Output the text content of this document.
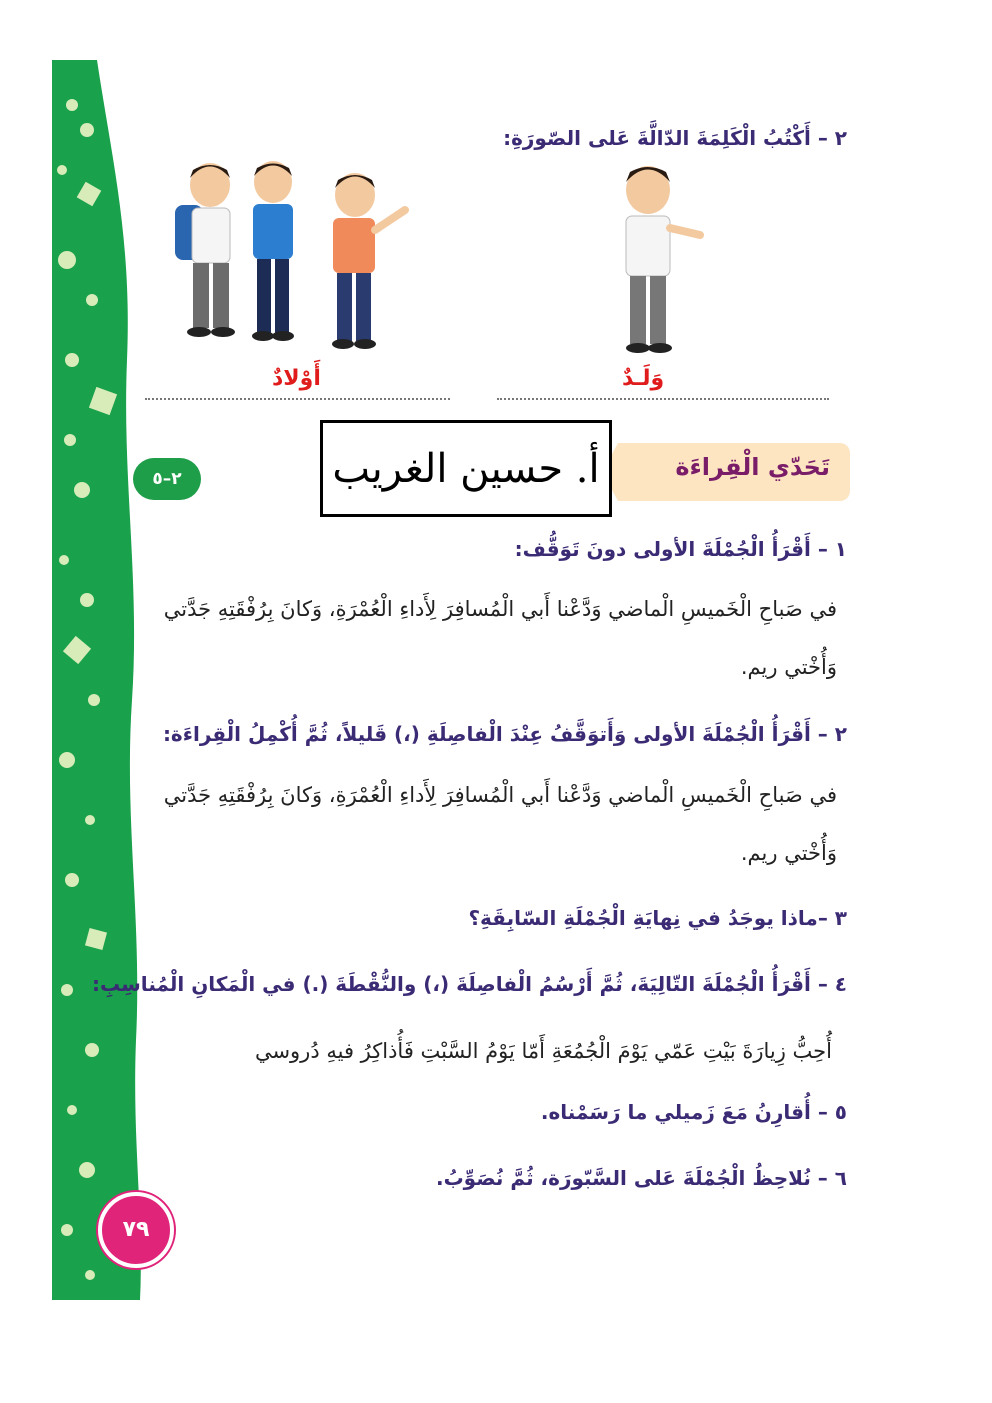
٢ – أَكْتُبُ الْكَلِمَةَ الدّالَّةَ عَلى الصّورَةِ:
أَوْلادٌ	وَلَـدٌ
تَحَدّي الْقِراءَة
٢–٥	أ. حسين الغريب
١ – أَقْرَأُ الْجُمْلَةَ الأولى دونَ تَوَقُّف:
في صَباحِ الْخَميسِ الْماضي وَدَّعْنا أَبي الْمُسافِرَ لِأَداءِ الْعُمْرَةِ، وَكانَ بِرُفْقَتِهِ جَدَّتي
وَأُخْتي ريم.
٢ – أَقْرَأُ الْجُمْلَةَ الأولى وَأَتوَقَّفُ عِنْدَ الْفاصِلَةِ (،) قَليلاً، ثُمَّ أُكْمِلُ الْقِراءَة:
في صَباحِ الْخَميسِ الْماضي وَدَّعْنا أَبي الْمُسافِرَ لِأَداءِ الْعُمْرَةِ، وَكانَ بِرُفْقَتِهِ جَدَّتي
وَأُخْتي ريم.
٣ –ماذا يوجَدُ في نِهايَةِ الْجُمْلَةِ السّابِقَةِ؟
٤ – أَقْرَأُ الْجُمْلَةَ التّالِيَةَ، ثُمَّ أَرْسُمُ الْفاصِلَةَ (،) والنُّقْطَةَ (.) في الْمَكانِ الْمُناسِبِ:
أُحِبُّ زِيارَةَ بَيْتِ عَمّي يَوْمَ الْجُمُعَةِ أَمّا يَوْمُ السَّبْتِ فَأُذاكِرُ فيهِ دُروسي
٥ – أُقارِنُ مَعَ زَميلي ما رَسَمْناه.
٦ – نُلاحِظُ الْجُمْلَةَ عَلى السَّبّورَة، ثُمَّ نُصَوِّبُ.
٧٩
